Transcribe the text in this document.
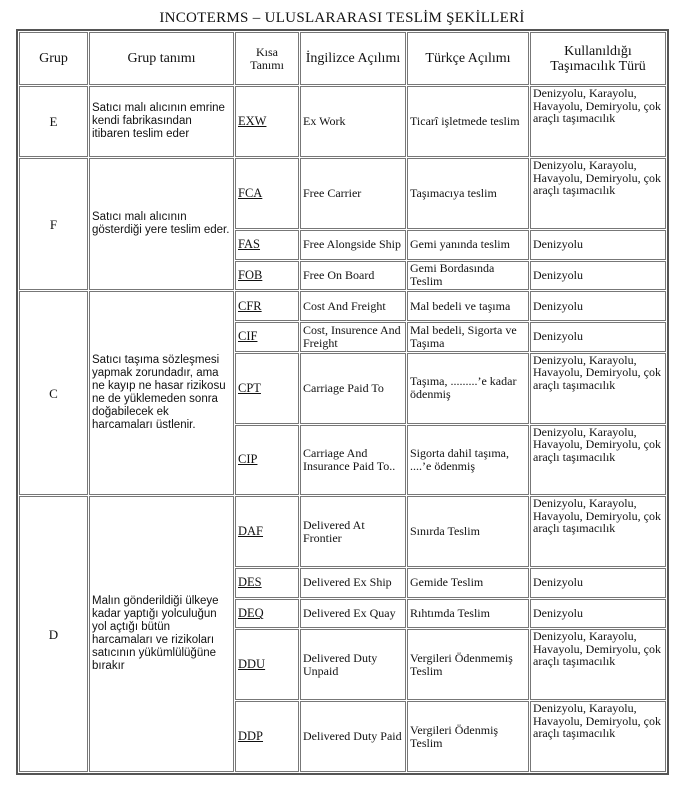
INCOTERMS – ULUSLARARASI TESLİM ŞEKİLLERİ
Grup	Grup tanımı	Kısa Tanımı	İngilizce Açılımı	Türkçe Açılımı	Kullanıldığı Taşımacılık Türü
E	Satıcı malı alıcının emrine kendi fabrikasından itibaren teslim eder	EXW	Ex Work	Ticarî işletmede teslim	Denizyolu, Karayolu, Havayolu, Demiryolu, çok araçlı taşımacılık
F	Satıcı malı alıcının gösterdiği yere teslim eder.	FCA	Free Carrier	Taşımacıya teslim	Denizyolu, Karayolu, Havayolu, Demiryolu, çok araçlı taşımacılık
		FAS	Free Alongside Ship	Gemi yanında teslim	Denizyolu
		FOB	Free On Board	Gemi Bordasında Teslim	Denizyolu
C	Satıcı taşıma sözleşmesi yapmak zorundadır, ama ne kayıp ne hasar rizikosu ne de yüklemeden sonra doğabilecek ek harcamaları üstlenir.	CFR	Cost And Freight	Mal bedeli ve taşıma	Denizyolu
		CIF	Cost, Insurence And Freight	Mal bedeli, Sigorta ve Taşıma	Denizyolu
		CPT	Carriage Paid To	Taşıma, .........’e kadar ödenmiş	Denizyolu, Karayolu, Havayolu, Demiryolu, çok araçlı taşımacılık
		CIP	Carriage And Insurance Paid To..	Sigorta dahil taşıma, ....’e ödenmiş	Denizyolu, Karayolu, Havayolu, Demiryolu, çok araçlı taşımacılık
D	Malın gönderildiği ülkeye kadar yaptığı yolculuğun yol açtığı bütün harcamaları ve rizikoları satıcının yükümlülüğüne bırakır	DAF	Delivered At Frontier	Sınırda Teslim	Denizyolu, Karayolu, Havayolu, Demiryolu, çok araçlı taşımacılık
		DES	Delivered Ex Ship	Gemide Teslim	Denizyolu
		DEQ	Delivered Ex Quay	Rıhtımda Teslim	Denizyolu
		DDU	Delivered Duty Unpaid	Vergileri Ödenmemiş Teslim	Denizyolu, Karayolu, Havayolu, Demiryolu, çok araçlı taşımacılık
		DDP	Delivered Duty Paid	Vergileri Ödenmiş Teslim	Denizyolu, Karayolu, Havayolu, Demiryolu, çok araçlı taşımacılık
